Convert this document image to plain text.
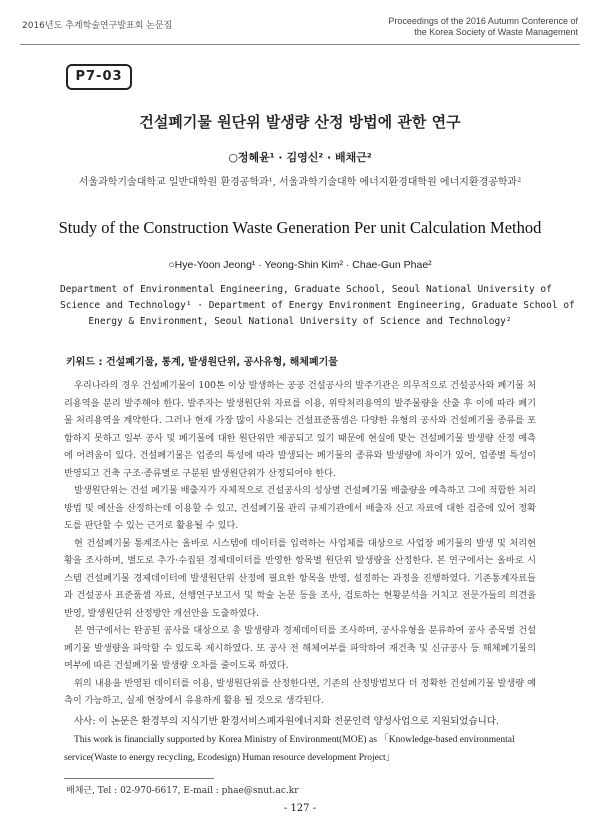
2016년도 추계학술연구발표회 논문집	Proceedings of the 2016 Autumn Conference of
the Korea Society of Waste Management
P7-03
건설폐기물 원단위 발생량 산정 방법에 관한 연구
○정혜윤¹ · 김영신² · 배채근²
서울과학기술대학교 일반대학원 환경공학과¹, 서울과학기술대학 에너지환경대학원 에너지환경공학과²
Study of the Construction Waste Generation Per unit Calculation Method
○Hye-Yoon Jeong¹ · Yeong-Shin Kim² · Chae-Gun Phae²
Department of Environmental Engineering, Graduate School, Seoul National University of
Science and Technology¹ · Department of Energy Environment Engineering, Graduate School of
Energy & Environment, Seoul National University of Science and Technology²
키워드 : 건설폐기물, 통계, 발생원단위, 공사유형, 해체폐기물

우리나라의 경우 건설폐기물이 100톤 이상 발생하는 공공 건설공사의 발주기관은 의무적으로 건설공사와 폐기물 처리용역을 분리 발주해야 한다. 발주자는 발생원단위 자료를 이용, 위탁처리용역의 발주물량을 산출 후 이에 따라 폐기물 처리용역을 계약한다. 그러나 현재 가장 많이 사용되는 건설표준품셈은 다양한 유형의 공사와 건설폐기물 종류를 포함하지 못하고 일부 공사 및 폐기물에 대한 원단위만 제공되고 있기 때문에 현실에 맞는 건설폐기물 발생량 산정 예측에 어려움이 있다. 건설폐기물은 업종의 특성에 따라 발생되는 폐기물의 종류와 발생량에 차이가 있어, 업종별 특성이 반영되고 건축 구조·종류별로 구분된 발생원단위가 산정되어야 한다.

발생원단위는 건설 폐기물 배출자가 자체적으로 건설공사의 성상별 건설폐기물 배출량을 예측하고 그에 적합한 처리 방법 및 예산을 산정하는데 이용할 수 있고, 건설폐기물 관리 규제기관에서 배출자 신고 자료에 대한 검증에 있어 정확도를 판단할 수 있는 근거로 활용될 수 있다.

현 건설폐기물 통계조사는 올바로 시스템에 데이터를 입력하는 사업체를 대상으로 사업장 폐기물의 발생 및 처리현황을 조사하며, 별도로 추가·수집된 경제데이터를 반영한 항목별 원단위 발생량을 산정한다. 본 연구에서는 올바로 시스템 건설폐기물 경제데이터에 발생원단위 산정에 필요한 항목을 반영, 설정하는 과정을 진행하였다. 기존통계자료들과 건설공사 표준품셈 자료, 선행연구보고서 및 학술 논문 등을 조사, 검토하는 현황분석을 거치고 전문가들의 의견을 반영, 발생원단위 산정방안 개선안을 도출하였다.

본 연구에서는 완공된 공사를 대상으로 총 발생량과 경제데이터를 조사하며, 공사유형을 분류하여 공사 종목별 건설폐기물 발생량을 파악할 수 있도록 제시하였다. 또 공사 전 해체여부를 파악하여 재건축 및 신규공사 등 해체폐기물의 여부에 따른 건설폐기물 발생량 오차를 줄이도록 하였다.

위의 내용을 반영된 데이터를 이용, 발생원단위를 산정한다면, 기존의 산정방법보다 더 정확한 건설폐기물 발생량 예측이 가능하고, 실제 현장에서 유용하게 활용 될 것으로 생각된다.

사사: 이 논문은 환경부의 지식기반 환경서비스폐자원에너지화 전문인력 양성사업으로 지원되었습니다.

This work is financially supported by Korea Ministry of Environment(MOE) as 「Knowledge-based environmental service(Waste to energy recycling, Ecodesign) Human resource development Project」

배채근, Tel : 02-970-6617, E-mail : phae@snut.ac.kr
- 127 -
